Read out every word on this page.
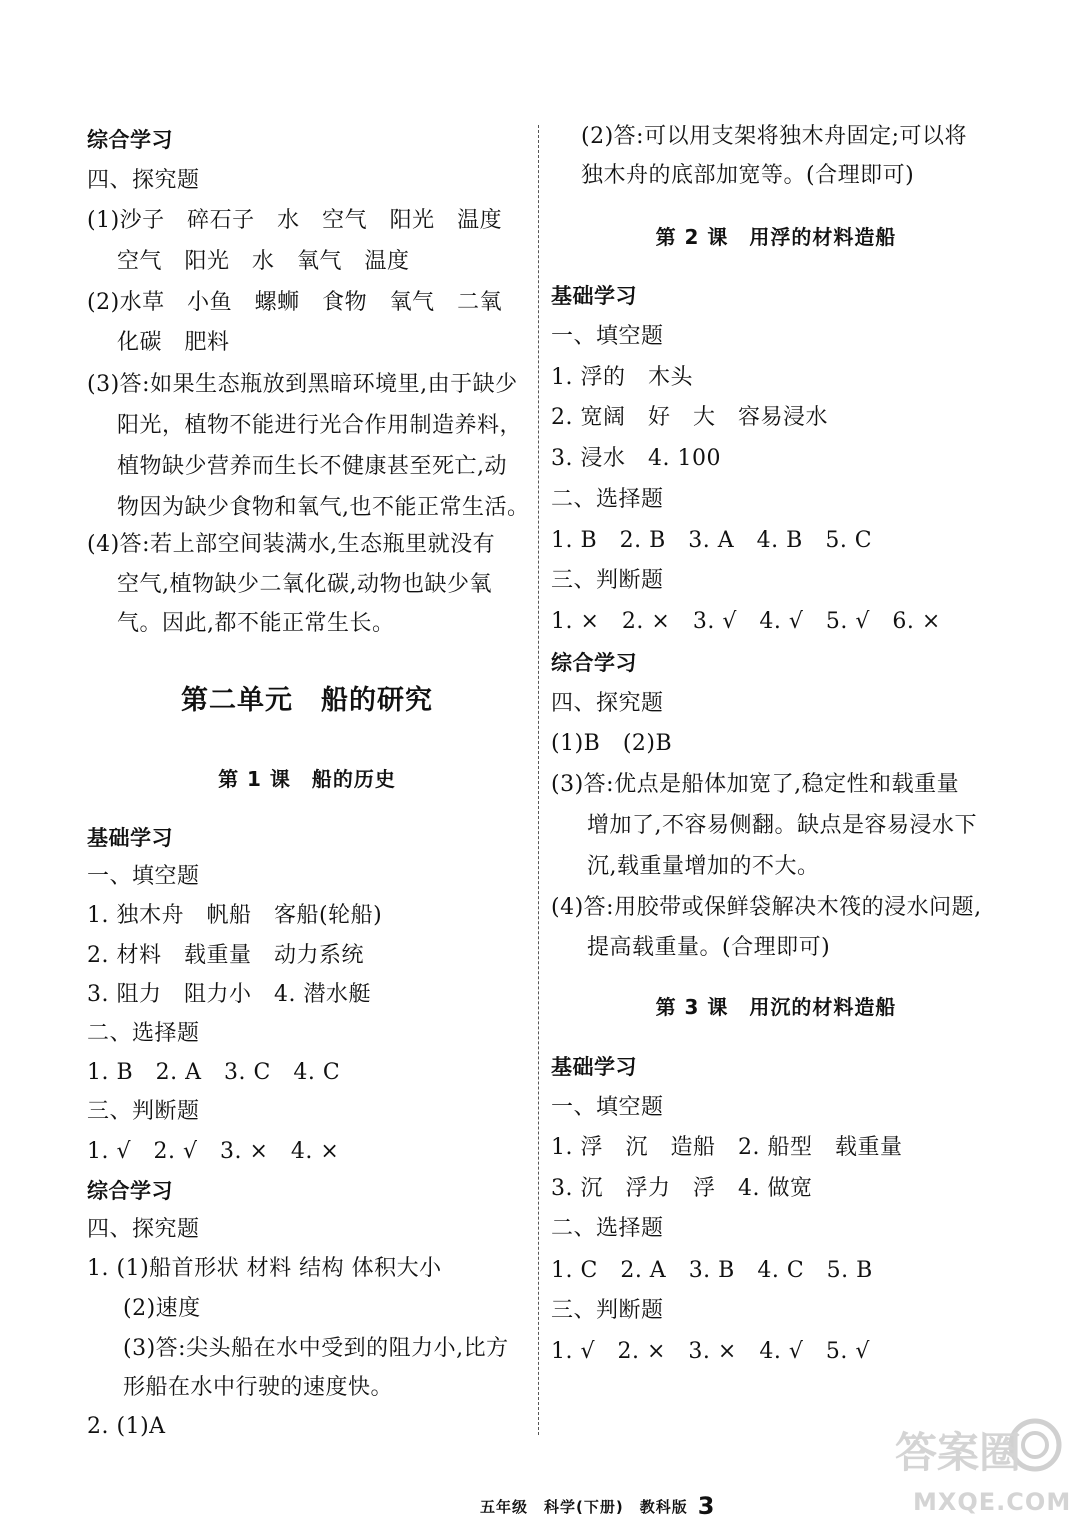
综合学习
四、探究题
(1)沙子　碎石子　水　空气　阳光　温度
空气　阳光　水　氧气　温度
(2)水草　小鱼　螺蛳　食物　氧气　二氧
化碳　肥料
(3)答:如果生态瓶放到黑暗环境里,由于缺少
阳光，植物不能进行光合作用制造养料，
植物缺少营养而生长不健康甚至死亡,动
物因为缺少食物和氧气,也不能正常生活。
(4)答:若上部空间装满水,生态瓶里就没有
空气,植物缺少二氧化碳,动物也缺少氧
气。因此,都不能正常生长。
第二单元　船的研究
第 1 课　船的历史
基础学习
一、填空题
1. 独木舟　帆船　客船(轮船)
2. 材料　载重量　动力系统
3. 阻力　阻力小　4. 潜水艇
二、选择题
1. B　2. A　3. C　4. C
三、判断题
1. √　2. √　3. ×　4. ×
综合学习
四、探究题
1. (1)船首形状 材料 结构 体积大小
(2)速度
(3)答:尖头船在水中受到的阻力小,比方
形船在水中行驶的速度快。
2. (1)A
(2)答:可以用支架将独木舟固定;可以将
独木舟的底部加宽等。(合理即可)
第 2 课　用浮的材料造船
基础学习
一、填空题
1. 浮的　木头
2. 宽阔　好　大　容易浸水
3. 浸水　4. 100
二、选择题
1. B　2. B　3. A　4. B　5. C
三、判断题
1. ×　2. ×　3. √　4. √　5. √　6. ×
综合学习
四、探究题
(1)B　(2)B
(3)答:优点是船体加宽了,稳定性和载重量
增加了,不容易侧翻。缺点是容易浸水下
沉,载重量增加的不大。
(4)答:用胶带或保鲜袋解决木筏的浸水问题,
提高载重量。(合理即可)
第 3 课　用沉的材料造船
基础学习
一、填空题
1. 浮　沉　造船　2. 船型　载重量
3. 沉　浮力　浮　4. 做宽
二、选择题
1. C　2. A　3. B　4. C　5. B
三、判断题
1. √　2. ×　3. ×　4. √　5. √
五年级　科学(下册)　教科版 3
答案圈
MXQE.COM
